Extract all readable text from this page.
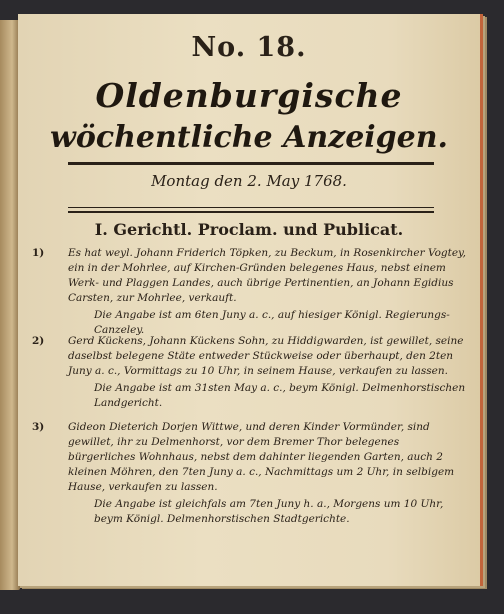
No. 18.
Oldenburgische
wöchentliche Anzeigen.
Montag den 2. May 1768.
I. Gerichtl. Proclam. und Publicat.
1) Es hat weyl. Johann Friderich Töpken, zu Beckum, in Rosenkircher Vogtey, ein in der Mohrlee, auf Kirchen-Gründen belegenes Haus, nebst einem Werk- und Plaggen Landes, auch übrige Pertinentien, an Johann Egidius Carsten, zur Mohrlee, verkauft.
Die Angabe ist am 6ten Juny a. c., auf hiesiger Königl. Regierungs-Canzeley.
2) Gerd Kückens, Johann Kückens Sohn, zu Hiddigwarden, ist gewillet, seine daselbst belegene Stäte entweder Stückweise oder überhaupt, den 2ten Juny a. c., Vormittags zu 10 Uhr, in seinem Hause, verkaufen zu lassen.
Die Angabe ist am 31sten May a. c., beym Königl. Delmenhorstischen Landgericht.
3) Gideon Dieterich Dorjen Wittwe, und deren Kinder Vormünder, sind gewillet, ihr zu Delmenhorst, vor dem Bremer Thor belegenes bürgerliches Wohnhaus, nebst dem dahinter liegenden Garten, auch 2 kleinen Möhren, den 7ten Juny a. c., Nachmittags um 2 Uhr, in selbigem Hause, verkaufen zu lassen.
Die Angabe ist gleichfals am 7ten Juny h. a., Morgens um 10 Uhr, beym Königl. Delmenhorstischen Stadtgerichte.
